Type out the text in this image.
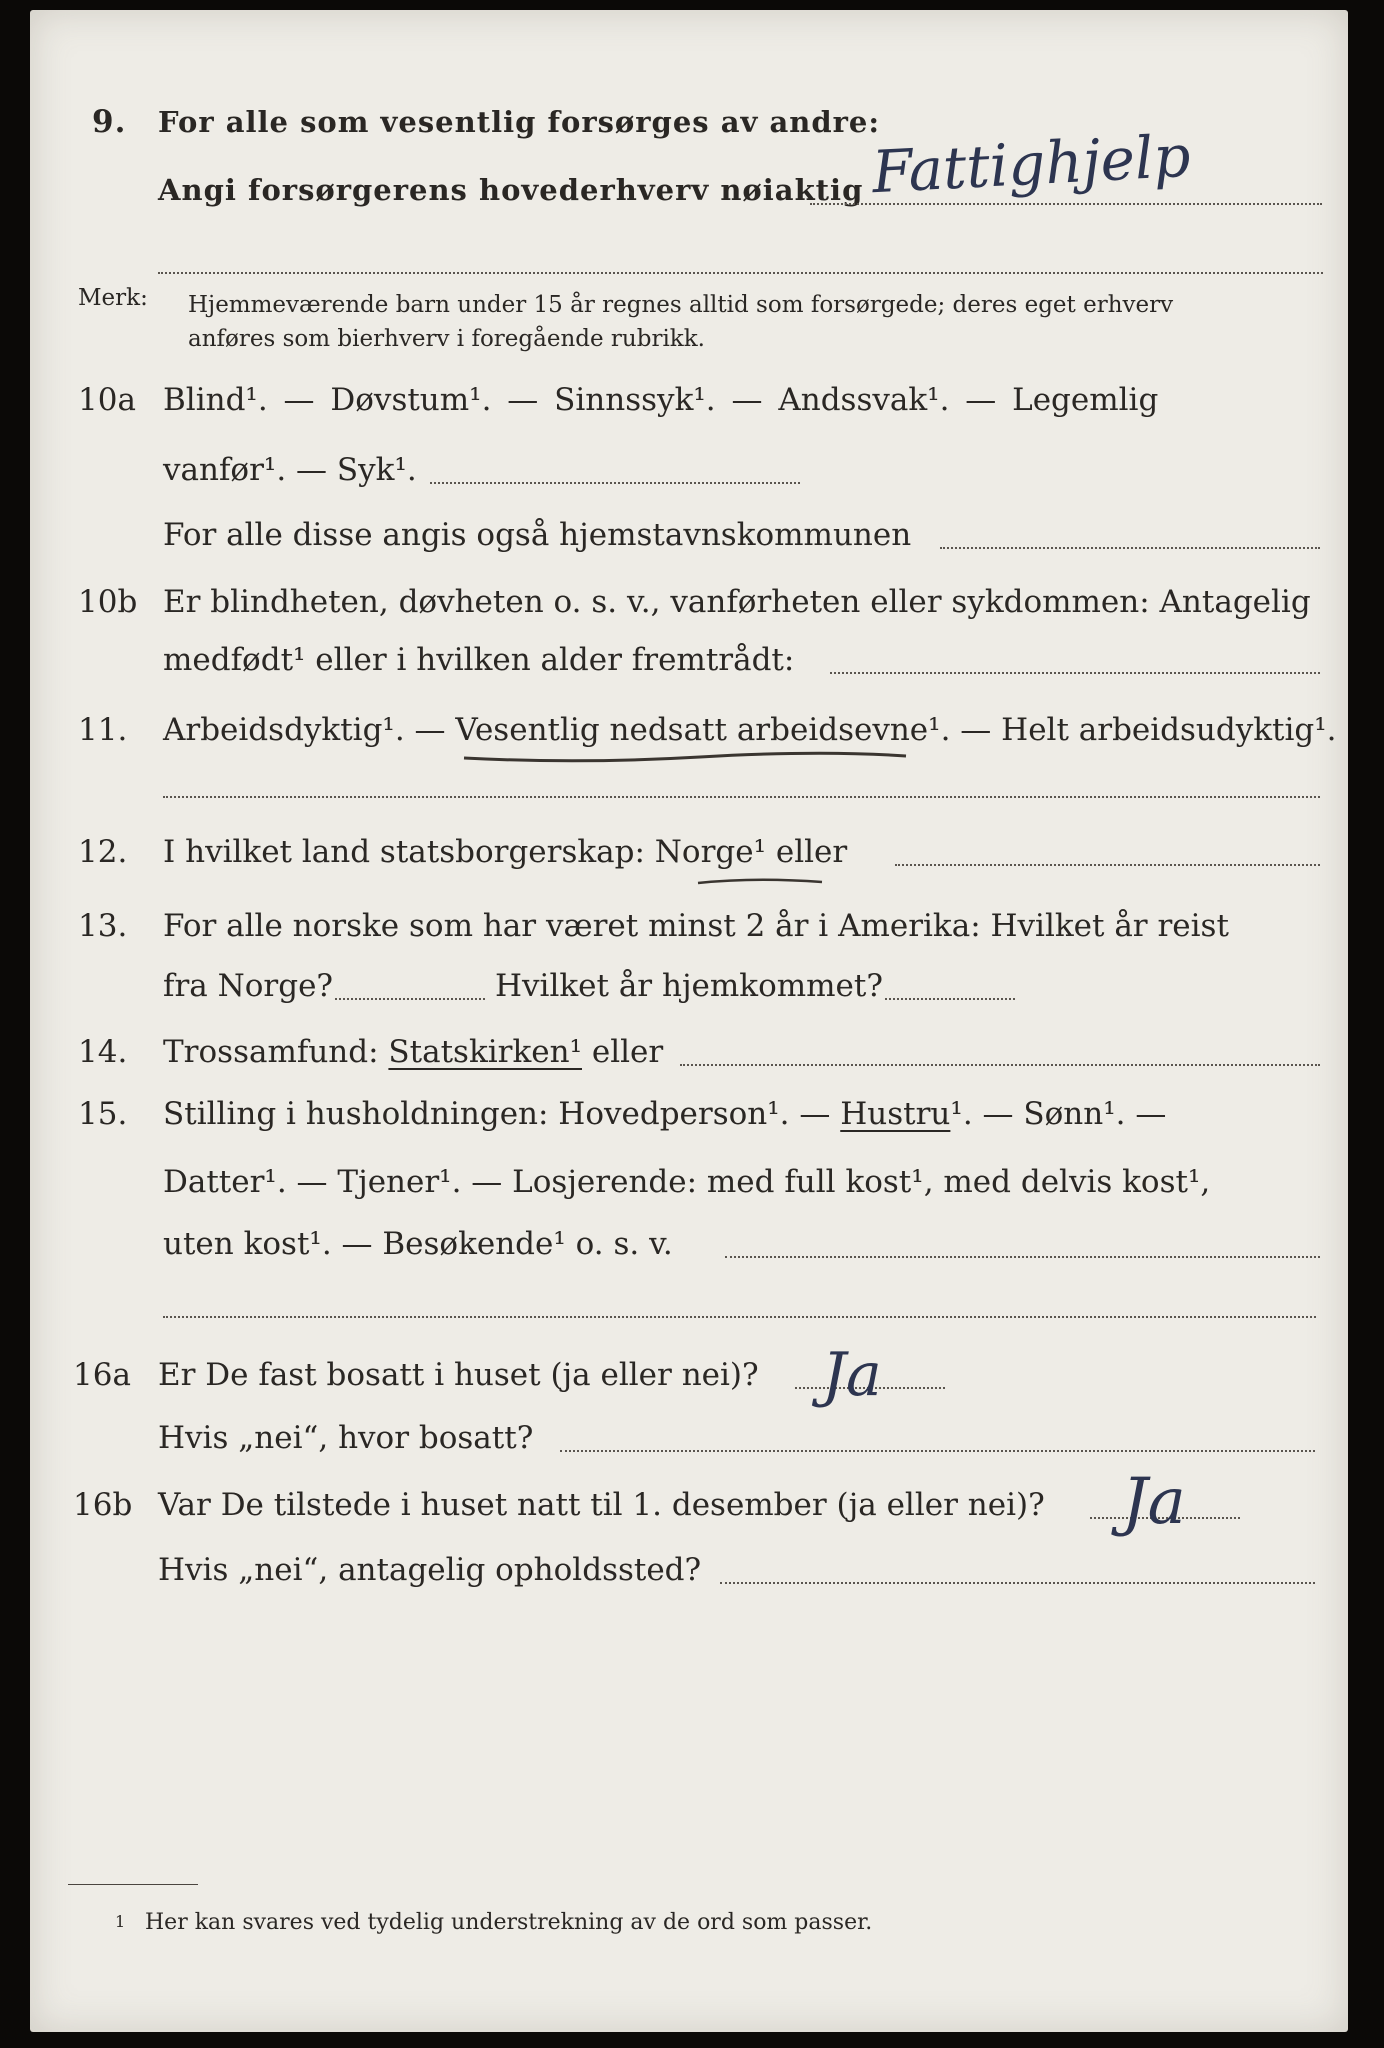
9. For alle som vesentlig forsørges av andre:
Angi forsørgerens hovederhverv nøiaktig Fattighjelp
Merk: Hjemmeværende barn under 15 år regnes alltid som forsørgede; deres eget erhverv
anføres som bierhverv i foregående rubrikk.
10a Blind¹. — Døvstum¹. — Sinnssyk¹. — Andssvak¹. — Legemlig
vanfør¹. — Syk¹.
For alle disse angis også hjemstavnskommunen
10b Er blindheten, døvheten o. s. v., vanførheten eller sykdommen: Antagelig
medfødt¹ eller i hvilken alder fremtrådt:
11. Arbeidsdyktig¹. — Vesentlig nedsatt arbeidsevne¹. — Helt arbeidsudyktig¹.
12. I hvilket land statsborgerskap: Norge¹ eller
13. For alle norske som har været minst 2 år i Amerika: Hvilket år reist
fra Norge?	Hvilket år hjemkommet?
14. Trossamfund: Statskirken¹ eller
15. Stilling i husholdningen: Hovedperson¹. — Hustru¹. — Sønn¹. —
Datter¹. — Tjener¹. — Losjerende: med full kost¹, med delvis kost¹,
uten kost¹. — Besøkende¹ o. s. v.
16a Er De fast bosatt i huset (ja eller nei)? Ja
Hvis „nei“, hvor bosatt?
16b Var De tilstede i huset natt til 1. desember (ja eller nei)? Ja
Hvis „nei“, antagelig opholdssted?
1 Her kan svares ved tydelig understrekning av de ord som passer.
